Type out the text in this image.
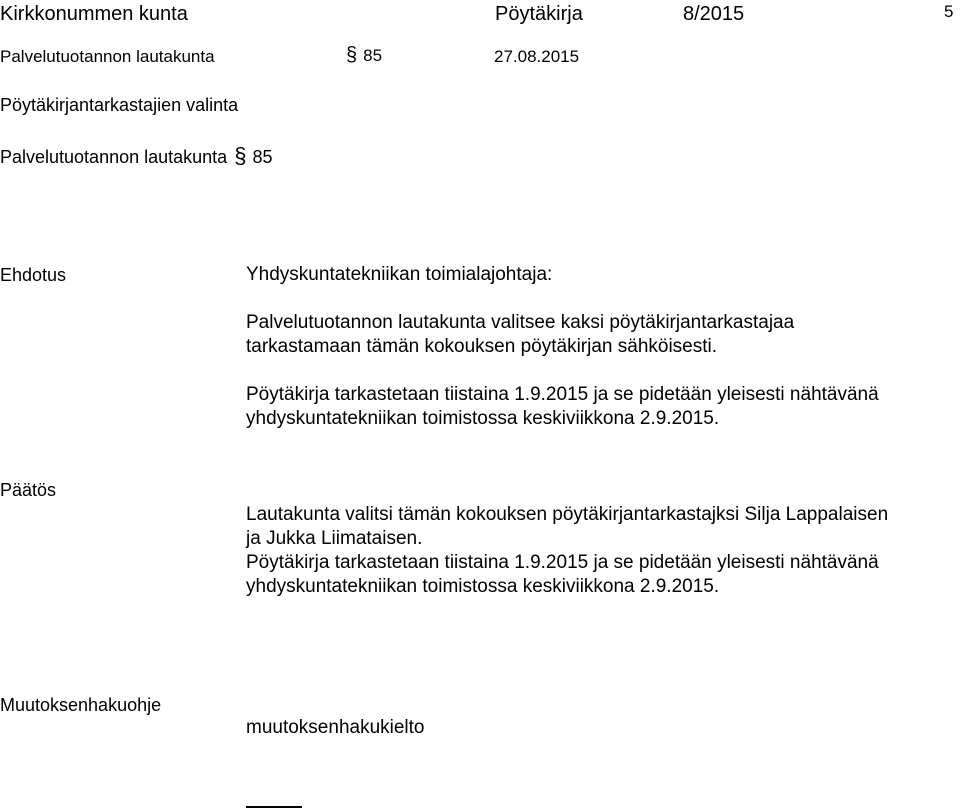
Kirkkonummen kunta	Pöytäkirja	8/2015	5
Palvelutuotannon lautakunta	§ 85	27.08.2015
Pöytäkirjantarkastajien valinta
Palvelutuotannon lautakunta § 85
Ehdotus	Yhdyskuntatekniikan toimialajohtaja:
Palvelutuotannon lautakunta valitsee kaksi pöytäkirjantarkastajaa
tarkastamaan tämän kokouksen pöytäkirjan sähköisesti.
Pöytäkirja tarkastetaan tiistaina 1.9.2015 ja se pidetään yleisesti nähtävänä
yhdyskuntatekniikan toimistossa keskiviikkona 2.9.2015.
Päätös
Lautakunta valitsi tämän kokouksen pöytäkirjantarkastajksi Silja Lappalaisen
ja Jukka Liimataisen.
Pöytäkirja tarkastetaan tiistaina 1.9.2015 ja se pidetään yleisesti nähtävänä
yhdyskuntatekniikan toimistossa keskiviikkona 2.9.2015.
Muutoksenhakuohje
muutoksenhakukielto
